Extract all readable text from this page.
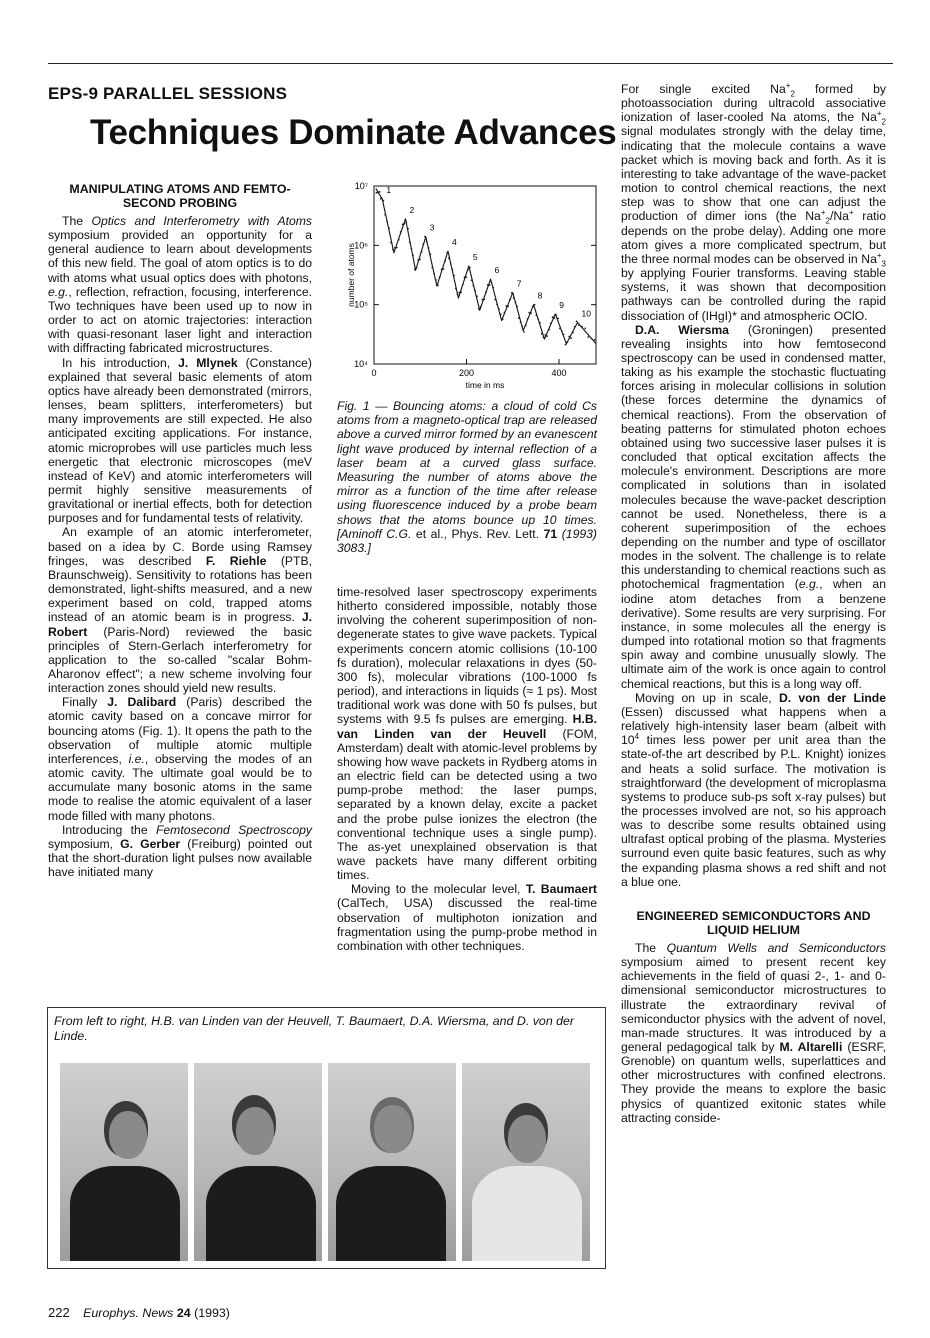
EPS-9 PARALLEL SESSIONS
Techniques Dominate Advances
MANIPULATING ATOMS AND FEMTO-SECOND PROBING

The Optics and Interferometry with Atoms symposium provided an opportunity for a general audience to learn about developments of this new field. The goal of atom optics is to do with atoms what usual optics does with photons, e.g., reflection, refraction, focusing, interference. Two techniques have been used up to now in order to act on atomic trajectories: interaction with quasi-resonant laser light and interaction with diffracting fabricated microstructures.

In his introduction, J. Mlynek (Constance) explained that several basic elements of atom optics have already been demonstrated (mirrors, lenses, beam splitters, interferometers) but many improvements are still expected. He also anticipated exciting applications. For instance, atomic microprobes will use particles much less energetic that electronic microscopes (meV instead of KeV) and atomic interferometers will permit highly sensitive measurements of gravitational or inertial effects, both for detection purposes and for fundamental tests of relativity.

An example of an atomic interferometer, based on a idea by C. Borde using Ramsey fringes, was described F. Riehle (PTB, Braunschweig). Sensitivity to rotations has been demonstrated, light-shifts measured, and a new experiment based on cold, trapped atoms instead of an atomic beam is in progress. J. Robert (Paris-Nord) reviewed the basic principles of Stern-Gerlach interferometry for application to the so-called "scalar Bohm-Aharonov effect"; a new scheme involving four interaction zones should yield new results.

Finally J. Dalibard (Paris) described the atomic cavity based on a concave mirror for bouncing atoms (Fig. 1). It opens the path to the observation of multiple atomic multiple interferences, i.e., observing the modes of an atomic cavity. The ultimate goal would be to accumulate many bosonic atoms in the same mode to realise the atomic equivalent of a laser mode filled with many photons.

Introducing the Femtosecond Spectroscopy symposium, G. Gerber (Freiburg) pointed out that the short-duration light pulses now available have initiated many

10⁷
10⁶
10⁵
10⁴
0	200	400
time in ms
number of atoms
1
2
3
4
5
6
7
8
9
10
Fig. 1 — Bouncing atoms: a cloud of cold Cs atoms from a magneto-optical trap are released above a curved mirror formed by an evanescent light wave produced by internal reflection of a laser beam at a curved glass surface. Measuring the number of atoms above the mirror as a function of the time after release using fluorescence induced by a probe beam shows that the atoms bounce up 10 times. [Aminoff C.G. et al., Phys. Rev. Lett. 71 (1993) 3083.]

time-resolved laser spectroscopy experiments hitherto considered impossible, notably those involving the coherent superimposition of non-degenerate states to give wave packets. Typical experiments concern atomic collisions (10-100 fs duration), molecular relaxations in dyes (50-300 fs), molecular vibrations (100-1000 fs period), and interactions in liquids (≈ 1 ps). Most traditional work was done with 50 fs pulses, but systems with 9.5 fs pulses are emerging. H.B. van Linden van der Heuvell (FOM, Amsterdam) dealt with atomic-level problems by showing how wave packets in Rydberg atoms in an electric field can be detected using a two pump-probe method: the laser pumps, separated by a known delay, excite a packet and the probe pulse ionizes the electron (the conventional technique uses a single pump). The as-yet unexplained observation is that wave packets have many different orbiting times.

Moving to the molecular level, T. Baumaert (CalTech, USA) discussed the real-time observation of multiphoton ionization and fragmentation using the pump-probe method in combination with other techniques.

For single excited $Na^+_2$ formed by photoassociation during ultracold associative ionization of laser-cooled Na atoms, the $Na^+_2$ signal modulates strongly with the delay time, indicating that the molecule contains a wave packet which is moving back and forth. As it is interesting to take advantage of the wave-packet motion to control chemical reactions, the next step was to show that one can adjust the production of dimer ions (the $Na^+_2/Na^+$ ratio depends on the probe delay). Adding one more atom gives a more complicated spectrum, but the three normal modes can be observed in $Na^+_3$ by applying Fourier transforms. Leaving stable systems, it was shown that decomposition pathways can be controlled during the rapid dissociation of (IHgI)* and atmospheric OClO.

D.A. Wiersma (Groningen) presented revealing insights into how femtosecond spectroscopy can be used in condensed matter, taking as his example the stochastic fluctuating forces arising in molecular collisions in solution (these forces determine the dynamics of chemical reactions). From the observation of beating patterns for stimulated photon echoes obtained using two successive laser pulses it is concluded that optical excitation affects the molecule's environment. Descriptions are more complicated in solutions than in isolated molecules because the wave-packet description cannot be used. Nonetheless, there is a coherent superimposition of the echoes depending on the number and type of oscillator modes in the solvent. The challenge is to relate this understanding to chemical reactions such as photochemical fragmentation (e.g., when an iodine atom detaches from a benzene derivative). Some results are very surprising. For instance, in some molecules all the energy is dumped into rotational motion so that fragments spin away and combine unusually slowly. The ultimate aim of the work is once again to control chemical reactions, but this is a long way off.

Moving on up in scale, D. von der Linde (Essen) discussed what happens when a relatively high-intensity laser beam (albeit with $10^4$ times less power per unit area than the state-of-the art described by P.L. Knight) ionizes and heats a solid surface. The motivation is straightforward (the development of microplasma systems to produce sub-ps soft x-ray pulses) but the processes involved are not, so his approach was to describe some results obtained using ultrafast optical probing of the plasma. Mysteries surround even quite basic features, such as why the expanding plasma shows a red shift and not a blue one.

ENGINEERED SEMICONDUCTORS AND LIQUID HELIUM

The Quantum Wells and Semiconductors symposium aimed to present recent key achievements in the field of quasi 2-, 1- and 0-dimensional semiconductor microstructures to illustrate the extraordinary revival of semiconductor physics with the advent of novel, man-made structures. It was introduced by a general pedagogical talk by M. Altarelli (ESRF, Grenoble) on quantum wells, superlattices and other microstructures with confined electrons. They provide the means to explore the basic physics of quantized exitonic states while attracting conside-

From left to right, H.B. van Linden van der Heuvell, T. Baumaert, D.A. Wiersma, and D. von der Linde.
222 Europhys. News 24 (1993)
